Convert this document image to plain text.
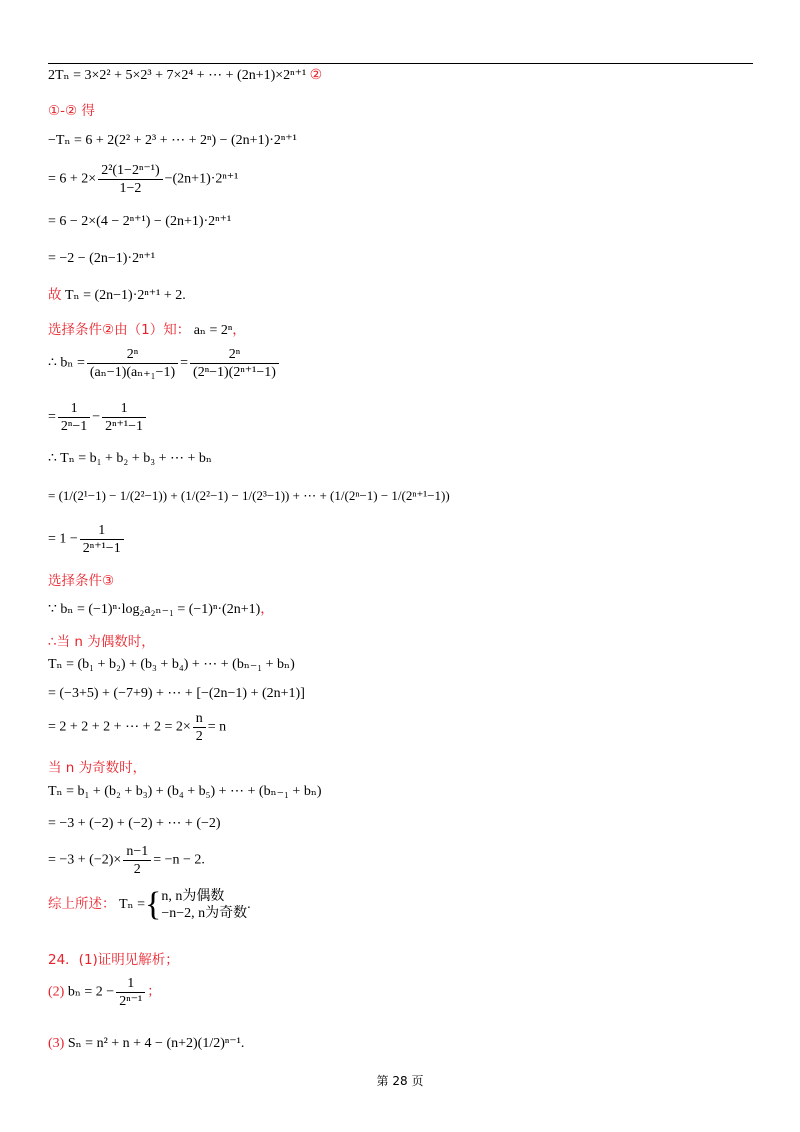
2Tₙ = 3×2² + 5×2³ + 7×2⁴ + ⋯ + (2n+1)×2ⁿ⁺¹ ②
①-② 得
−Tₙ = 6 + 2(2² + 2³ + ⋯ + 2ⁿ) − (2n+1)·2ⁿ⁺¹
= $6 + 2\times \frac{\text{2²(1−2ⁿ⁻¹)}}{1-2} -(2n+1)\cdot 2^{n+1}$
= 6 − 2×(4 − 2ⁿ⁺¹) − (2n+1)·2ⁿ⁺¹
= −2 − (2n−1)·2ⁿ⁺¹
故 Tₙ = (2n−1)·2ⁿ⁺¹ + 2.
选择条件②由（1）知： aₙ = 2ⁿ，
∴ $b_n = \frac{\text{2ⁿ}}{\text{(aₙ−1)(aₙ₊₁−1)}} = \frac{\text{2ⁿ}}{\text{(2ⁿ−1)(2ⁿ⁺¹−1)}}$
= $\frac{1}{\text{2ⁿ−1}} - \frac{1}{\text{2ⁿ⁺¹−1}}$
∴ Tₙ = b₁ + b₂ + b₃ + ⋯ + bₙ
= (1/(2¹−1) − 1/(2²−1)) + (1/(2²−1) − 1/(2³−1)) + ⋯ + (1/(2ⁿ−1) − 1/(2ⁿ⁺¹−1))
= $1 - \frac{1}{\text{2ⁿ⁺¹−1}}$
选择条件③
∵ bₙ = (−1)ⁿ·log₂a₂ₙ₋₁ = (−1)ⁿ·(2n+1)，
∴当 n 为偶数时，
Tₙ = (b₁ + b₂) + (b₃ + b₄) + ⋯ + (bₙ₋₁ + bₙ)
= (−3+5) + (−7+9) + ⋯ + [−(2n−1) + (2n+1)]
= 2 + 2 + 2 + ⋯ + $2 = 2\times \frac{n}{2} = n$
当 n 为奇数时，
Tₙ = b₁ + (b₂ + b₃) + (b₄ + b₅) + ⋯ + (bₙ₋₁ + bₙ)
= −3 + (−2) + (−2) + ⋯ + (−2)
= $-3 + (-2)\times \frac{n-1}{2} = -n - 2$.
综上所述： Tₙ ={ n, n为偶数
−n−2, n为奇数
.
24．(1)证明见解析；
(2) $b_n = 2 - \frac{1}{\text{2ⁿ⁻¹}}$ ；
(3) Sₙ = n² + n + 4 − (n+2)(1/2)ⁿ⁻¹.
第 28 页
